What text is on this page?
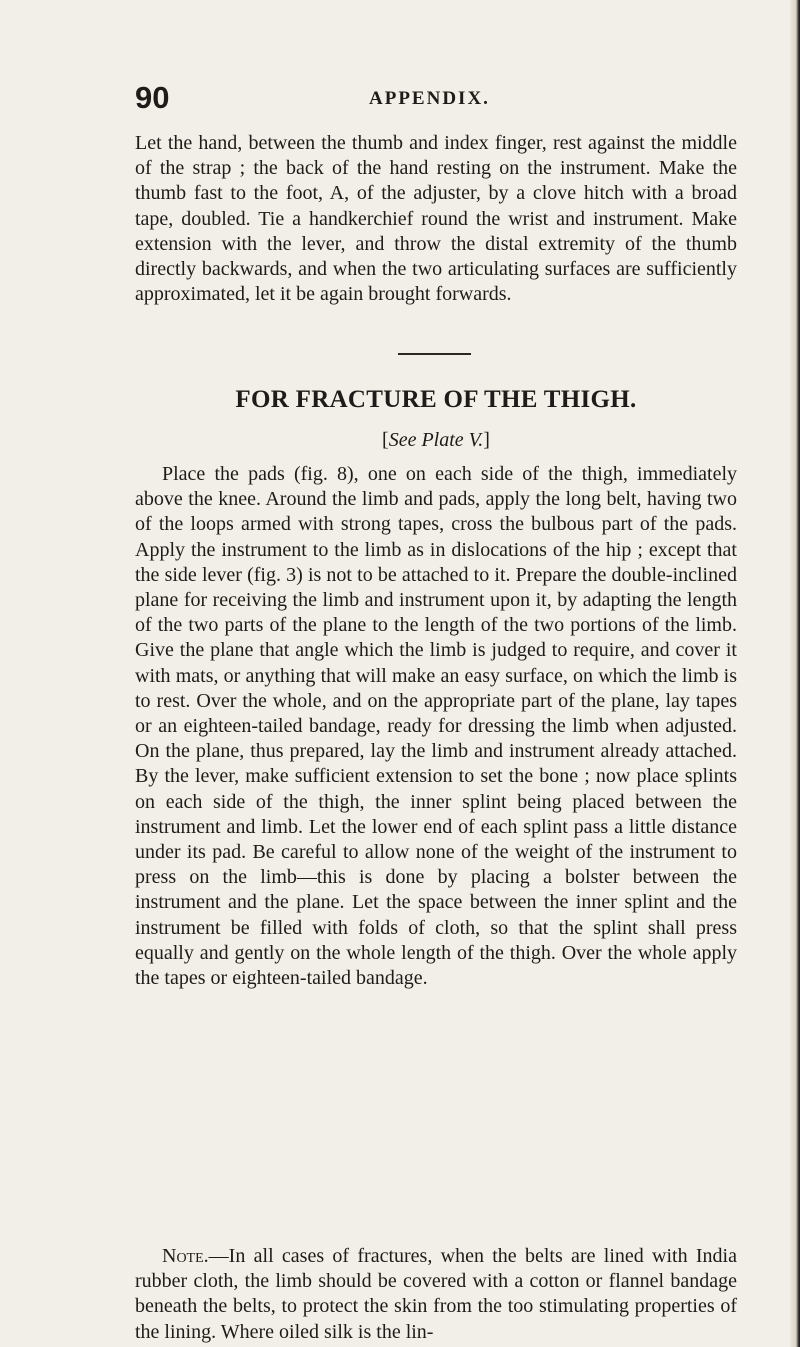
90	APPENDIX.

Let the hand, between the thumb and index finger, rest against the middle of the strap ; the back of the hand resting on the instrument. Make the thumb fast to the foot, A, of the adjuster, by a clove hitch with a broad tape, doubled. Tie a handkerchief round the wrist and instrument. Make extension with the lever, and throw the distal extremity of the thumb directly backwards, and when the two articulating surfaces are sufficiently approximated, let it be again brought forwards.

FOR FRACTURE OF THE THIGH.
[See Plate V.]

Place the pads (fig. 8), one on each side of the thigh, immediately above the knee. Around the limb and pads, apply the long belt, having two of the loops armed with strong tapes, cross the bulbous part of the pads. Apply the instrument to the limb as in dislocations of the hip ; except that the side lever (fig. 3) is not to be attached to it. Prepare the double-inclined plane for receiving the limb and instrument upon it, by adapting the length of the two parts of the plane to the length of the two portions of the limb. Give the plane that angle which the limb is judged to require, and cover it with mats, or anything that will make an easy surface, on which the limb is to rest. Over the whole, and on the appropriate part of the plane, lay tapes or an eighteen-tailed bandage, ready for dressing the limb when adjusted. On the plane, thus prepared, lay the limb and instrument already attached. By the lever, make sufficient extension to set the bone ; now place splints on each side of the thigh, the inner splint being placed between the instrument and limb. Let the lower end of each splint pass a little distance under its pad. Be careful to allow none of the weight of the instrument to press on the limb—this is done by placing a bolster between the instrument and the plane. Let the space between the inner splint and the instrument be filled with folds of cloth, so that the splint shall press equally and gently on the whole length of the thigh. Over the whole apply the tapes or eighteen-tailed bandage.

Note.—In all cases of fractures, when the belts are lined with India rubber cloth, the limb should be covered with a cotton or flannel bandage beneath the belts, to protect the skin from the too stimulating properties of the lining. Where oiled silk is the lin-
